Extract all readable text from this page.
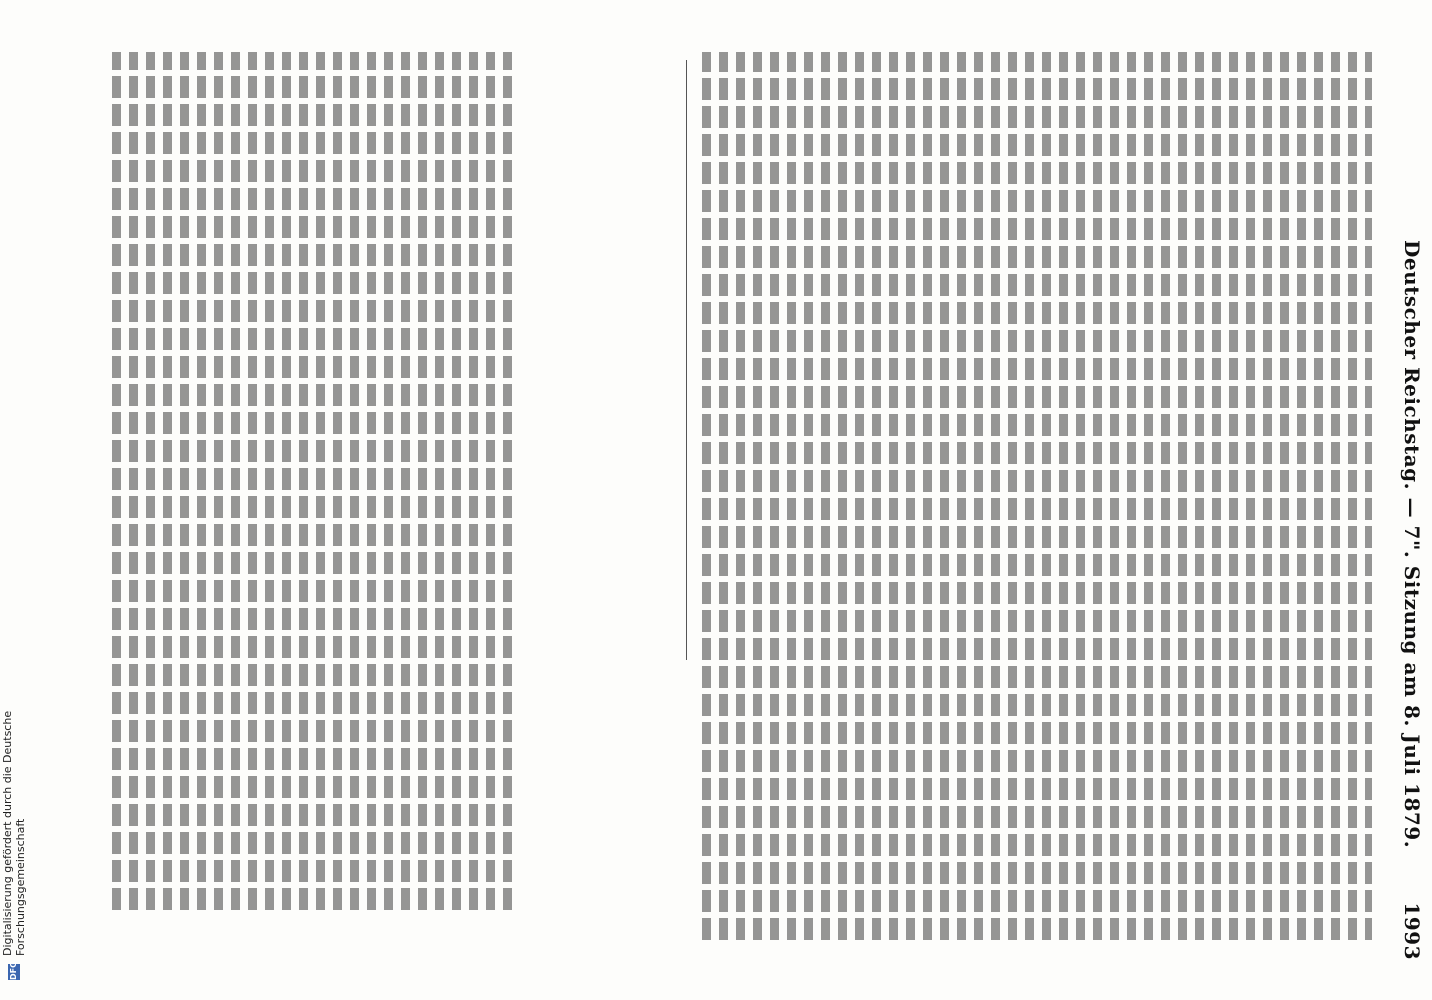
Deutscher Reichstag. — 7". Sitzung am 8. Juli 1879.
1993
DFG
Digitalisierung gefördert durch die Deutsche Forschungsgemeinschaft
